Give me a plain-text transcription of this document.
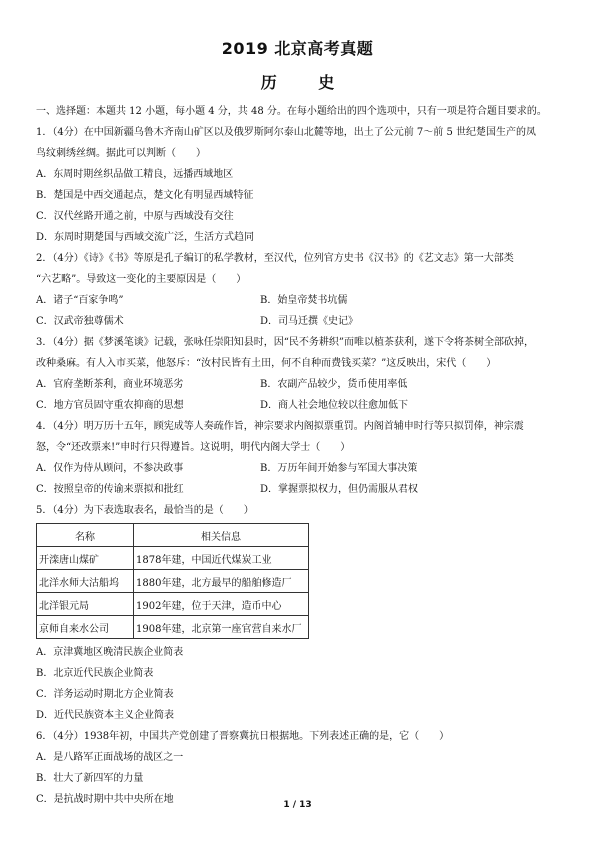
2019 北京高考真题
历 史
一、选择题：本题共 12 小题，每小题 4 分，共 48 分。在每小题给出的四个选项中，只有一项是符合题目要求的。
1．（4分）在中国新疆乌鲁木齐南山矿区以及俄罗斯阿尔泰山北麓等地，出土了公元前 7～前 5 世纪楚国生产的凤
鸟纹刺绣丝绸。据此可以判断（　　）
A．东周时期丝织品做工精良，远播西域地区
B．楚国是中西交通起点，楚文化有明显西域特征
C．汉代丝路开通之前，中原与西域没有交往
D．东周时期楚国与西域交流广泛，生活方式趋同
2．（4分）《诗》《书》等原是孔子编订的私学教材，至汉代，位列官方史书《汉书》的《艺文志》第一大部类
“六艺略”。导致这一变化的主要原因是（　　）
A．诸子“百家争鸣”	B．始皇帝焚书坑儒
C．汉武帝独尊儒术	D．司马迁撰《史记》
3．（4分）据《梦溪笔谈》记载，张咏任崇阳知县时，因“民不务耕织”而唯以植茶获利，遂下令将茶树全部砍掉，
改种桑麻。有人入市买菜，他怒斥：“汝村民皆有土田，何不自种而费钱买菜？”这反映出，宋代（　　）
A．官府垄断茶利，商业环境恶劣	B．农副产品较少，货币使用率低
C．地方官员固守重农抑商的思想	D．商人社会地位较以往愈加低下
4．（4分）明万历十五年，顾宪成等人奏疏作旨，神宗要求内阁拟票重罚。内阁首辅申时行等只拟罚俸，神宗震
怒，令“还改票来!”申时行只得遵旨。这说明，明代内阁大学士（　　）
A．仅作为侍从顾问，不参决政事	B．万历年间开始参与军国大事决策
C．按照皇帝的传谕来票拟和批红	D．掌握票拟权力，但仍需服从君权
5．（4分）为下表选取表名，最恰当的是（　　）
名称	相关信息
开滦唐山煤矿	1878年建，中国近代煤炭工业
北洋水师大沽船坞	1880年建，北方最早的船舶修造厂
北洋银元局	1902年建，位于天津，造币中心
京师自来水公司	1908年建，北京第一座官营自来水厂
A．京津冀地区晚清民族企业简表
B．北京近代民族企业简表
C．洋务运动时期北方企业简表
D．近代民族资本主义企业简表
6．（4分）1938年初，中国共产党创建了晋察冀抗日根据地。下列表述正确的是，它（　　）
A．是八路军正面战场的战区之一
B．壮大了新四军的力量
C．是抗战时期中共中央所在地	1 / 13
